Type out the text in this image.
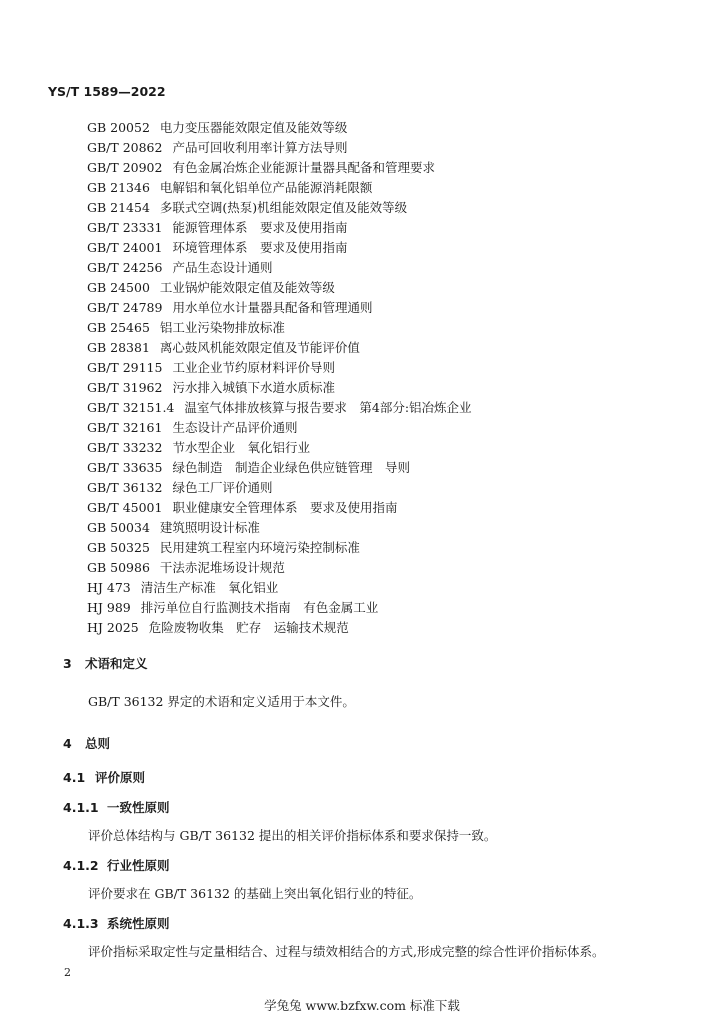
YS/T 1589—2022
GB 20052 电力变压器能效限定值及能效等级
GB/T 20862 产品可回收利用率计算方法导则
GB/T 20902 有色金属冶炼企业能源计量器具配备和管理要求
GB 21346 电解铝和氧化铝单位产品能源消耗限额
GB 21454 多联式空调(热泵)机组能效限定值及能效等级
GB/T 23331 能源管理体系　要求及使用指南
GB/T 24001 环境管理体系　要求及使用指南
GB/T 24256 产品生态设计通则
GB 24500 工业锅炉能效限定值及能效等级
GB/T 24789 用水单位水计量器具配备和管理通则
GB 25465 铝工业污染物排放标准
GB 28381 离心鼓风机能效限定值及节能评价值
GB/T 29115 工业企业节约原材料评价导则
GB/T 31962 污水排入城镇下水道水质标准
GB/T 32151.4 温室气体排放核算与报告要求　第4部分:铝冶炼企业
GB/T 32161 生态设计产品评价通则
GB/T 33232 节水型企业　氧化铝行业
GB/T 33635 绿色制造　制造企业绿色供应链管理　导则
GB/T 36132 绿色工厂评价通则
GB/T 45001 职业健康安全管理体系　要求及使用指南
GB 50034 建筑照明设计标准
GB 50325 民用建筑工程室内环境污染控制标准
GB 50986 干法赤泥堆场设计规范
HJ 473 清洁生产标准　氧化铝业
HJ 989 排污单位自行监测技术指南　有色金属工业
HJ 2025 危险废物收集　贮存　运输技术规范
3 术语和定义
GB/T 36132 界定的术语和定义适用于本文件。
4 总则
4.1 评价原则
4.1.1 一致性原则
评价总体结构与 GB/T 36132 提出的相关评价指标体系和要求保持一致。
4.1.2 行业性原则
评价要求在 GB/T 36132 的基础上突出氧化铝行业的特征。
4.1.3 系统性原则
评价指标采取定性与定量相结合、过程与绩效相结合的方式,形成完整的综合性评价指标体系。
2
学兔兔 www.bzfxw.com 标准下载
